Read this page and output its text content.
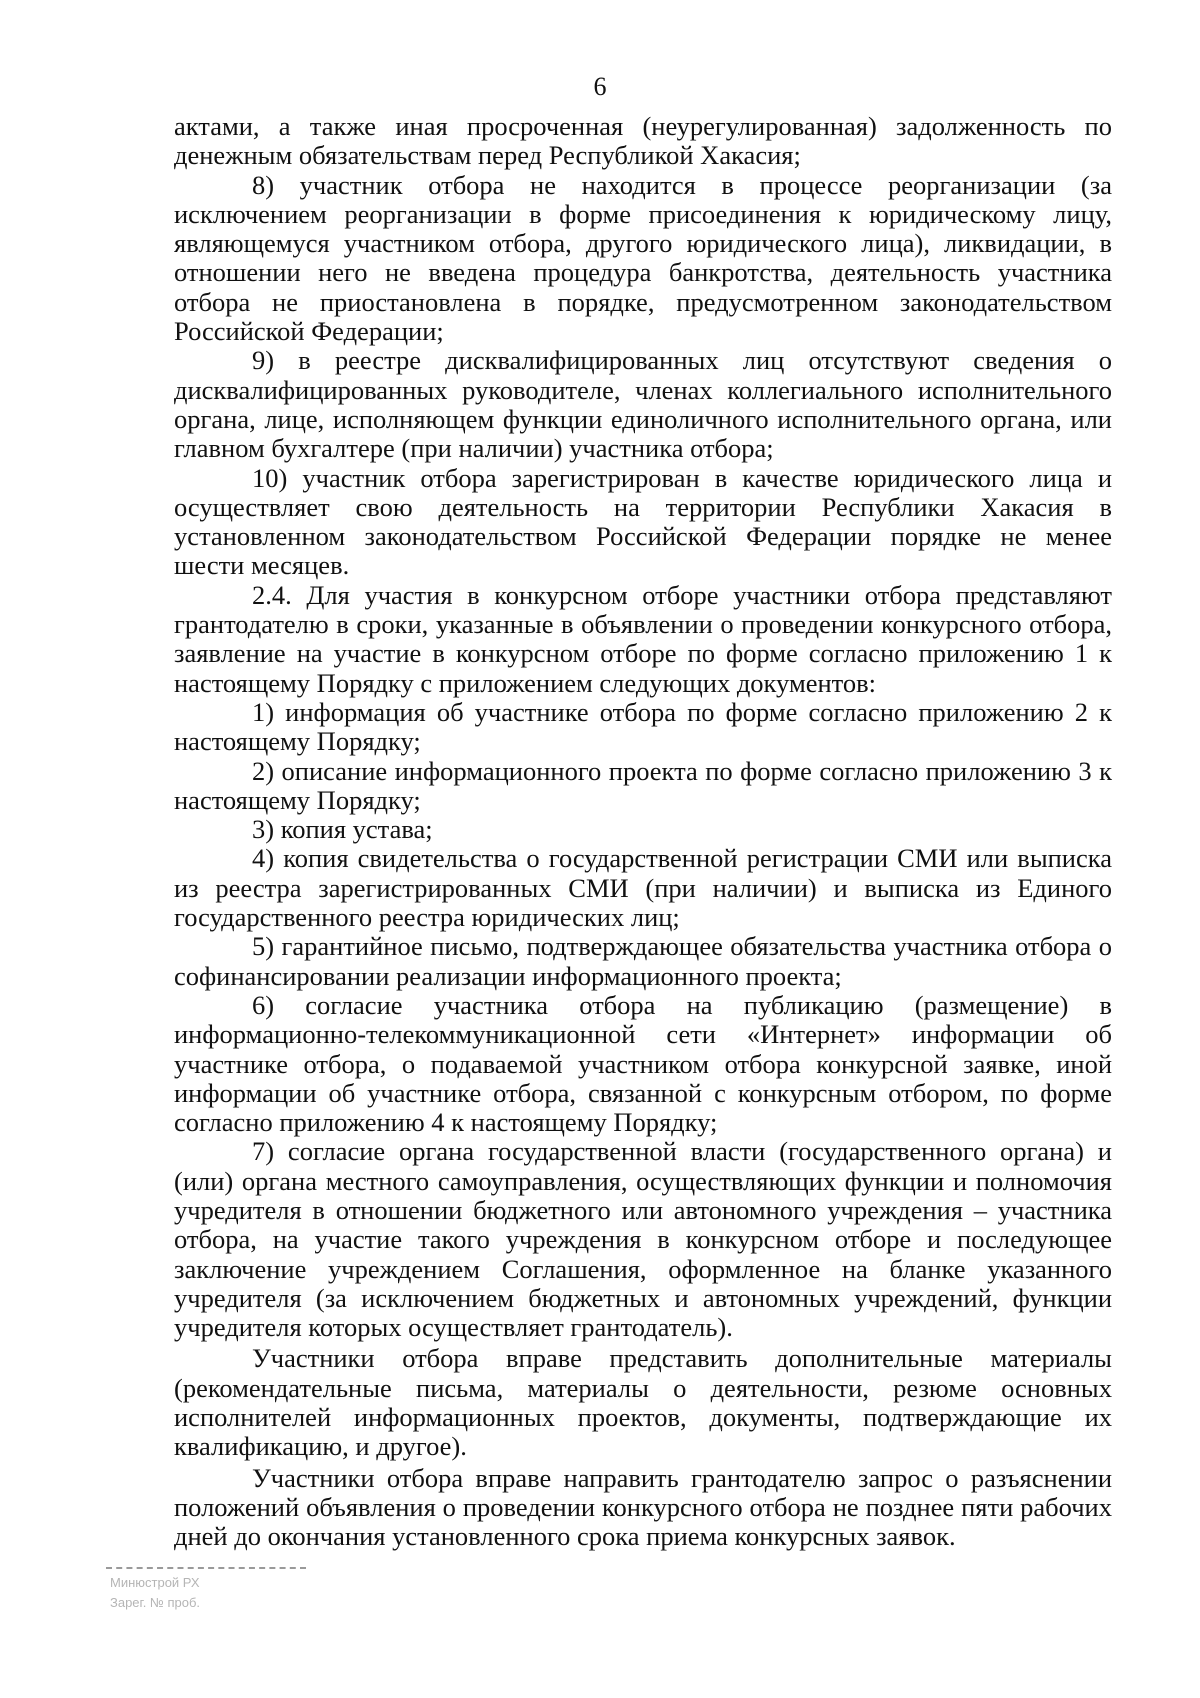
6

актами, а также иная просроченная (неурегулированная) задолженность по денежным обязательствам перед Республикой Хакасия;

8) участник отбора не находится в процессе реорганизации (за исключением реорганизации в форме присоединения к юридическому лицу, являющемуся участником отбора, другого юридического лица), ликвидации, в отношении него не введена процедура банкротства, деятельность участника отбора не приостановлена в порядке, предусмотренном законодательством Российской Федерации;

9) в реестре дисквалифицированных лиц отсутствуют сведения о дисквалифицированных руководителе, членах коллегиального исполнительного органа, лице, исполняющем функции единоличного исполнительного органа, или главном бухгалтере (при наличии) участника отбора;

10) участник отбора зарегистрирован в качестве юридического лица и осуществляет свою деятельность на территории Республики Хакасия в установленном законодательством Российской Федерации порядке не менее шести месяцев.

2.4. Для участия в конкурсном отборе участники отбора представляют грантодателю в сроки, указанные в объявлении о проведении конкурсного отбора, заявление на участие в конкурсном отборе по форме согласно приложению 1 к настоящему Порядку с приложением следующих документов:

1) информация об участнике отбора по форме согласно приложению 2 к настоящему Порядку;

2) описание информационного проекта по форме согласно приложению 3 к настоящему Порядку;

3) копия устава;

4) копия свидетельства о государственной регистрации СМИ или выписка из реестра зарегистрированных СМИ (при наличии) и выписка из Единого государственного реестра юридических лиц;

5) гарантийное письмо, подтверждающее обязательства участника отбора о софинансировании реализации информационного проекта;

6) согласие участника отбора на публикацию (размещение) в информационно-телекоммуникационной сети «Интернет» информации об участнике отбора, о подаваемой участником отбора конкурсной заявке, иной информации об участнике отбора, связанной с конкурсным отбором, по форме согласно приложению 4 к настоящему Порядку;

7) согласие органа государственной власти (государственного органа) и (или) органа местного самоуправления, осуществляющих функции и полномочия учредителя в отношении бюджетного или автономного учреждения – участника отбора, на участие такого учреждения в конкурсном отборе и последующее заключение учреждением Соглашения, оформленное на бланке указанного учредителя (за исключением бюджетных и автономных учреждений, функции учредителя которых осуществляет грантодатель).

Участники отбора вправе представить дополнительные материалы (рекомендательные письма, материалы о деятельности, резюме основных исполнителей информационных проектов, документы, подтверждающие их квалификацию, и другое).

Участники отбора вправе направить грантодателю запрос о разъяснении положений объявления о проведении конкурсного отбора не позднее пяти рабочих дней до окончания установленного срока приема конкурсных заявок.

Минюстрой РХ
Зарег. № проб.
